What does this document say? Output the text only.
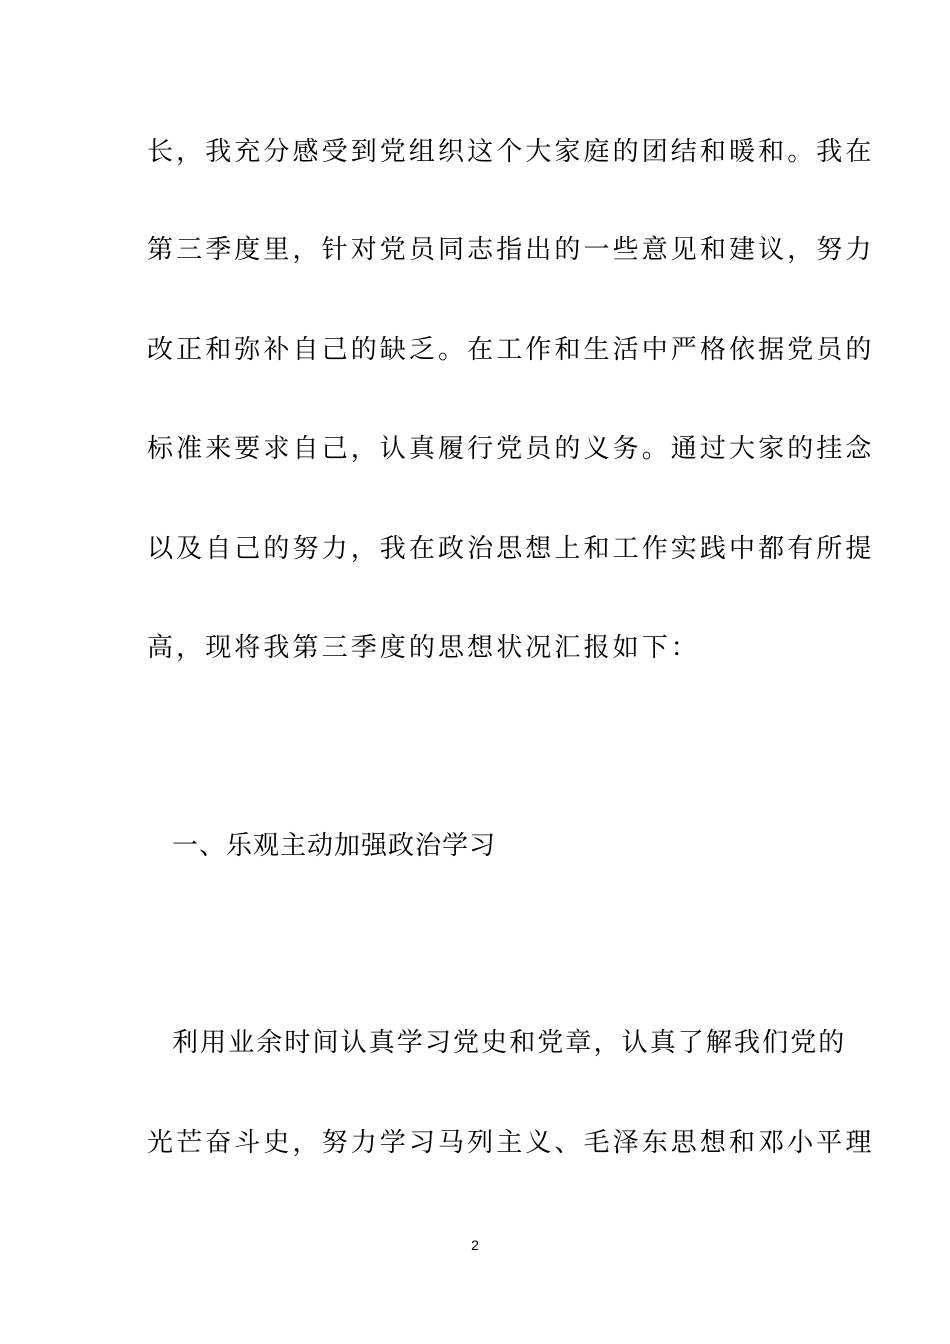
长，我充分感受到党组织这个大家庭的团结和暖和。我在
第三季度里，针对党员同志指出的一些意见和建议，努力
改正和弥补自己的缺乏。在工作和生活中严格依据党员的
标准来要求自己，认真履行党员的义务。通过大家的挂念
以及自己的努力，我在政治思想上和工作实践中都有所提
高，现将我第三季度的思想状况汇报如下：
一、乐观主动加强政治学习
利用业余时间认真学习党史和党章，认真了解我们党的
光芒奋斗史，努力学习马列主义、毛泽东思想和邓小平理
2
